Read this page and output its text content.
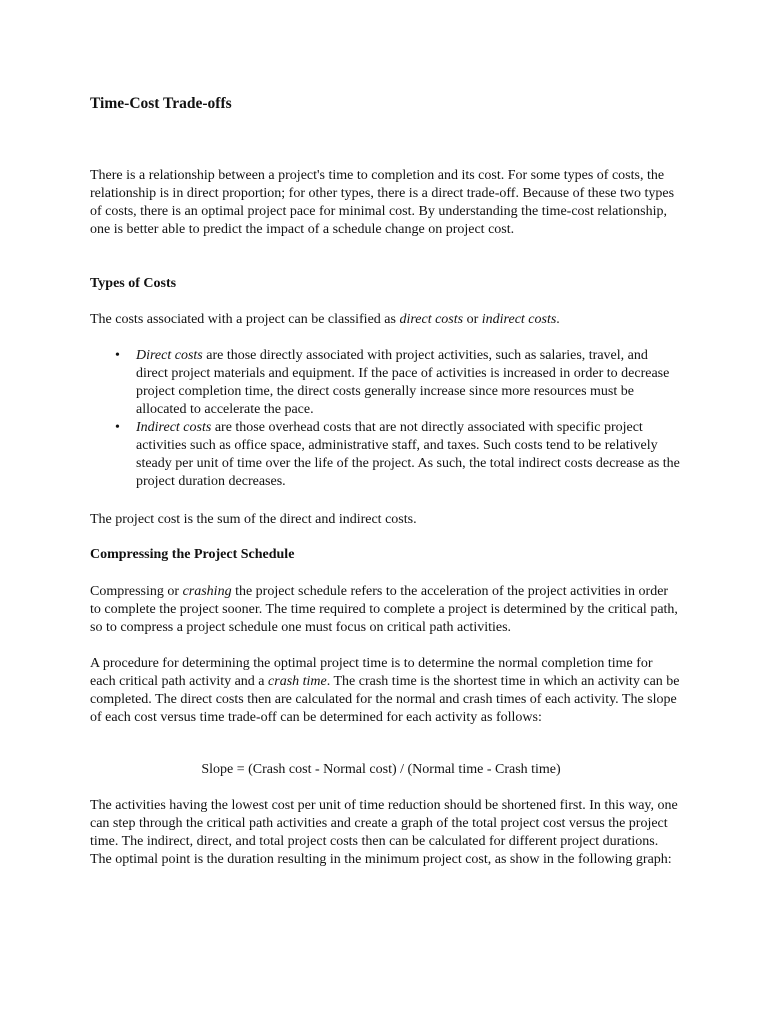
Time-Cost Trade-offs

There is a relationship between a project's time to completion and its cost. For some types of costs, the relationship is in direct proportion; for other types, there is a direct trade-off. Because of these two types of costs, there is an optimal project pace for minimal cost. By understanding the time-cost relationship, one is better able to predict the impact of a schedule change on project cost.

Types of Costs

The costs associated with a project can be classified as direct costs or indirect costs.

• Direct costs are those directly associated with project activities, such as salaries, travel, and direct project materials and equipment. If the pace of activities is increased in order to decrease project completion time, the direct costs generally increase since more resources must be allocated to accelerate the pace.
• Indirect costs are those overhead costs that are not directly associated with specific project activities such as office space, administrative staff, and taxes. Such costs tend to be relatively steady per unit of time over the life of the project. As such, the total indirect costs decrease as the project duration decreases.

The project cost is the sum of the direct and indirect costs.

Compressing the Project Schedule

Compressing or crashing the project schedule refers to the acceleration of the project activities in order to complete the project sooner. The time required to complete a project is determined by the critical path, so to compress a project schedule one must focus on critical path activities.

A procedure for determining the optimal project time is to determine the normal completion time for each critical path activity and a crash time. The crash time is the shortest time in which an activity can be completed. The direct costs then are calculated for the normal and crash times of each activity. The slope of each cost versus time trade-off can be determined for each activity as follows:

Slope = (Crash cost - Normal cost) / (Normal time - Crash time)

The activities having the lowest cost per unit of time reduction should be shortened first. In this way, one can step through the critical path activities and create a graph of the total project cost versus the project time. The indirect, direct, and total project costs then can be calculated for different project durations. The optimal point is the duration resulting in the minimum project cost, as show in the following graph:
